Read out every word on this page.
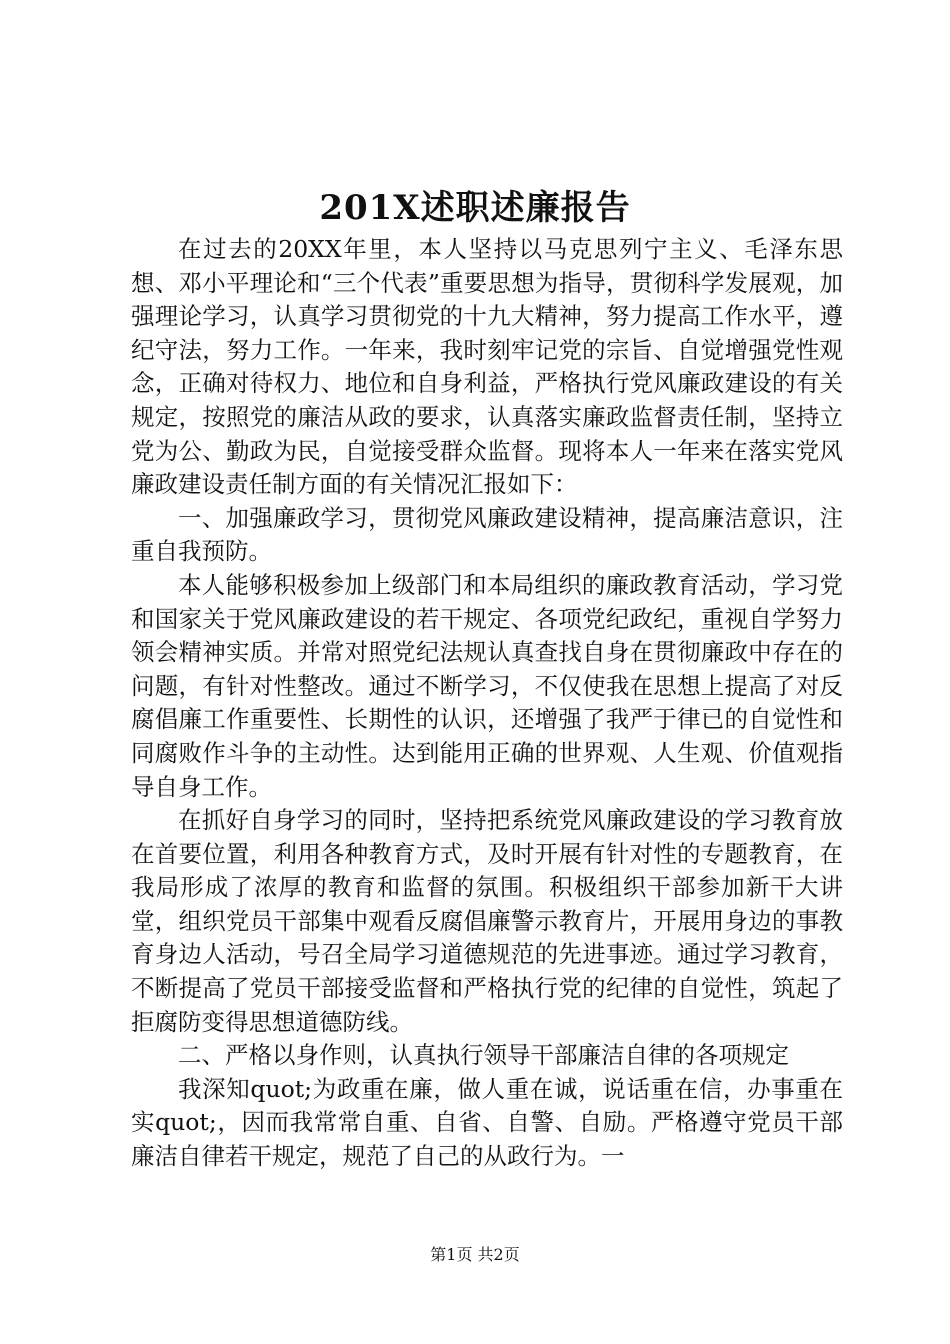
201X述职述廉报告

在过去的20XX年里，本人坚持以马克思列宁主义、毛泽东思想、邓小平理论和“三个代表”重要思想为指导，贯彻科学发展观，加强理论学习，认真学习贯彻党的十九大精神，努力提高工作水平，遵纪守法，努力工作。一年来，我时刻牢记党的宗旨、自觉增强党性观念，正确对待权力、地位和自身利益，严格执行党风廉政建设的有关规定，按照党的廉洁从政的要求，认真落实廉政监督责任制，坚持立党为公、勤政为民，自觉接受群众监督。现将本人一年来在落实党风廉政建设责任制方面的有关情况汇报如下：

一、加强廉政学习，贯彻党风廉政建设精神，提高廉洁意识，注重自我预防。

本人能够积极参加上级部门和本局组织的廉政教育活动，学习党和国家关于党风廉政建设的若干规定、各项党纪政纪，重视自学努力领会精神实质。并常对照党纪法规认真查找自身在贯彻廉政中存在的问题，有针对性整改。通过不断学习，不仅使我在思想上提高了对反腐倡廉工作重要性、长期性的认识，还增强了我严于律已的自觉性和同腐败作斗争的主动性。达到能用正确的世界观、人生观、价值观指导自身工作。

在抓好自身学习的同时，坚持把系统党风廉政建设的学习教育放在首要位置，利用各种教育方式，及时开展有针对性的专题教育，在我局形成了浓厚的教育和监督的氛围。积极组织干部参加新干大讲堂，组织党员干部集中观看反腐倡廉警示教育片，开展用身边的事教育身边人活动，号召全局学习道德规范的先进事迹。通过学习教育，不断提高了党员干部接受监督和严格执行党的纪律的自觉性，筑起了拒腐防变得思想道德防线。

二、严格以身作则，认真执行领导干部廉洁自律的各项规定

我深知quot;为政重在廉，做人重在诚，说话重在信，办事重在实quot;，因而我常常自重、自省、自警、自励。严格遵守党员干部廉洁自律若干规定，规范了自己的从政行为。一

第1页 共2页
